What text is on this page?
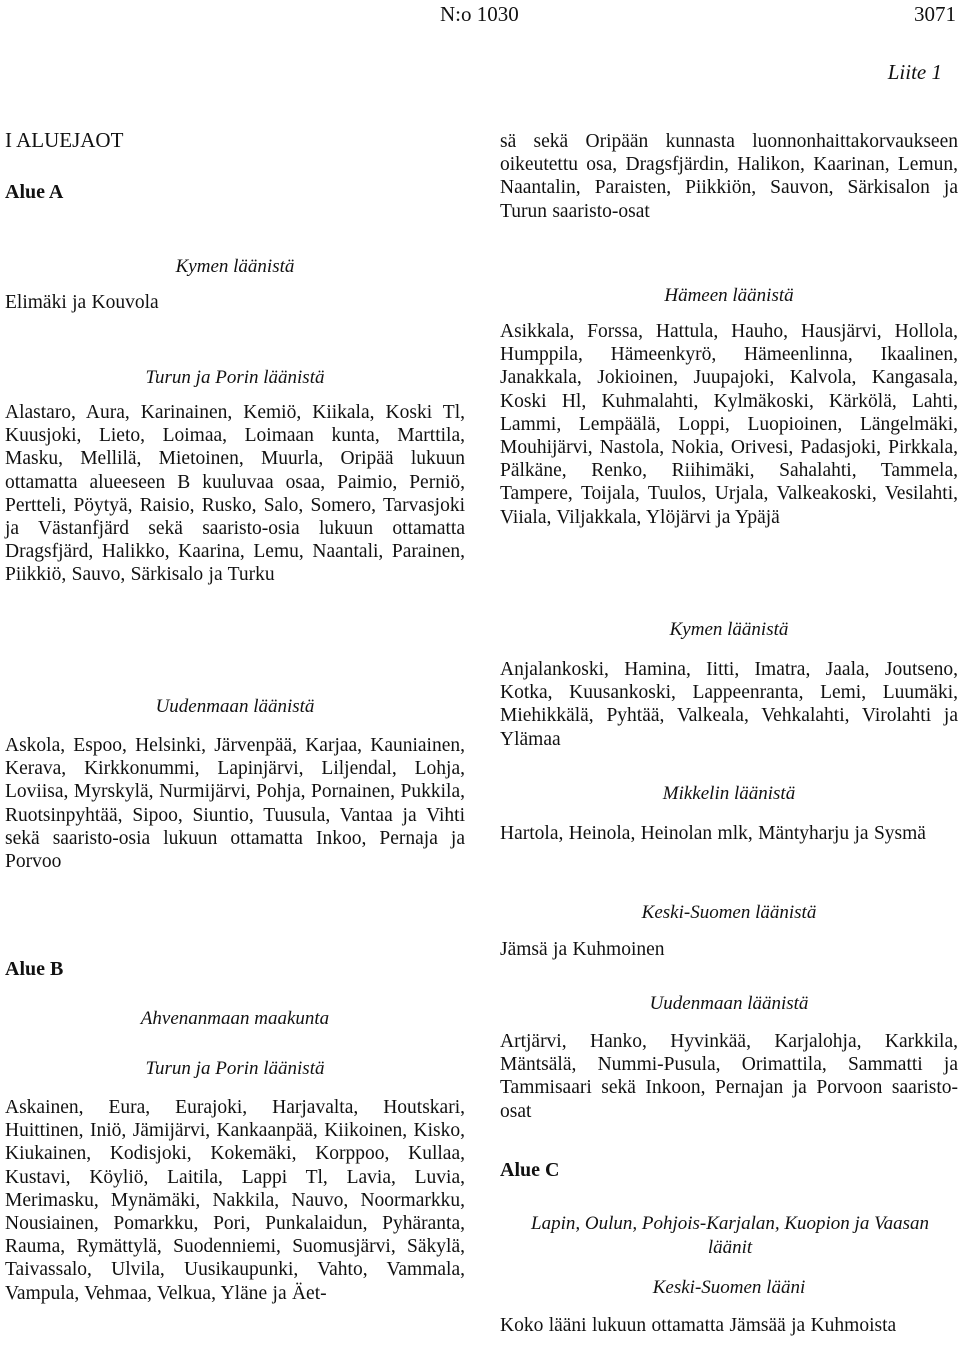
N:o 1030	3071
Liite 1
I ALUEJAOT
Alue A
Kymen läänistä
Elimäki ja Kouvola
Turun ja Porin läänistä
Alastaro, Aura, Karinainen, Kemiö, Kiikala, Koski Tl, Kuusjoki, Lieto, Loimaa, Loimaan kunta, Marttila, Masku, Mellilä, Mietoinen, Muurla, Oripää lukuun ottamatta alueeseen B kuuluvaa osaa, Paimio, Perniö, Pertteli, Pöytyä, Raisio, Rusko, Salo, Somero, Tarvasjoki ja Västanfjärd sekä saaristo-osia lukuun ottamatta Dragsfjärd, Halikko, Kaarina, Lemu, Naantali, Parainen, Piikkiö, Sauvo, Särkisalo ja Turku
Uudenmaan läänistä
Askola, Espoo, Helsinki, Järvenpää, Karjaa, Kauniainen, Kerava, Kirkkonummi, Lapinjärvi, Liljendal, Lohja, Loviisa, Myrskylä, Nurmijärvi, Pohja, Pornainen, Pukkila, Ruotsinpyhtää, Sipoo, Siuntio, Tuusula, Vantaa ja Vihti sekä saaristo-osia lukuun ottamatta Inkoo, Pernaja ja Porvoo
Alue B
Ahvenanmaan maakunta
Turun ja Porin läänistä
Askainen, Eura, Eurajoki, Harjavalta, Houtskari, Huittinen, Iniö, Jämijärvi, Kankaanpää, Kiikoinen, Kisko, Kiukainen, Kodisjoki, Kokemäki, Korppoo, Kullaa, Kustavi, Köyliö, Laitila, Lappi Tl, Lavia, Luvia, Merimasku, Mynämäki, Nakkila, Nauvo, Noormarkku, Nousiainen, Pomarkku, Pori, Punkalaidun, Pyhäranta, Rauma, Rymättylä, Suodenniemi, Suomusjärvi, Säkylä, Taivassalo, Ulvila, Uusikaupunki, Vahto, Vammala, Vampula, Vehmaa, Velkua, Yläne ja Äet-
sä sekä Oripään kunnasta luonnonhaittakorvaukseen oikeutettu osa, Dragsfjärdin, Halikon, Kaarinan, Lemun, Naantalin, Paraisten, Piikkiön, Sauvon, Särkisalon ja Turun saaristo-osat
Hämeen läänistä
Asikkala, Forssa, Hattula, Hauho, Hausjärvi, Hollola, Humppila, Hämeenkyrö, Hämeenlinna, Ikaalinen, Janakkala, Jokioinen, Juupajoki, Kalvola, Kangasala, Koski Hl, Kuhmalahti, Kylmäkoski, Kärkölä, Lahti, Lammi, Lempäälä, Loppi, Luopioinen, Längelmäki, Mouhijärvi, Nastola, Nokia, Orivesi, Padasjoki, Pirkkala, Pälkäne, Renko, Riihimäki, Sahalahti, Tammela, Tampere, Toijala, Tuulos, Urjala, Valkeakoski, Vesilahti, Viiala, Viljakkala, Ylöjärvi ja Ypäjä
Kymen läänistä
Anjalankoski, Hamina, Iitti, Imatra, Jaala, Joutseno, Kotka, Kuusankoski, Lappeenranta, Lemi, Luumäki, Miehikkälä, Pyhtää, Valkeala, Vehkalahti, Virolahti ja Ylämaa
Mikkelin läänistä
Hartola, Heinola, Heinolan mlk, Mäntyharju ja Sysmä
Keski-Suomen läänistä
Jämsä ja Kuhmoinen
Uudenmaan läänistä
Artjärvi, Hanko, Hyvinkää, Karjalohja, Karkkila, Mäntsälä, Nummi-Pusula, Orimattila, Sammatti ja Tammisaari sekä Inkoon, Pernajan ja Porvoon saaristo-osat
Alue C
Lapin, Oulun, Pohjois-Karjalan, Kuopion ja Vaasan läänit
Keski-Suomen lääni
Koko lääni lukuun ottamatta Jämsää ja Kuhmoista
